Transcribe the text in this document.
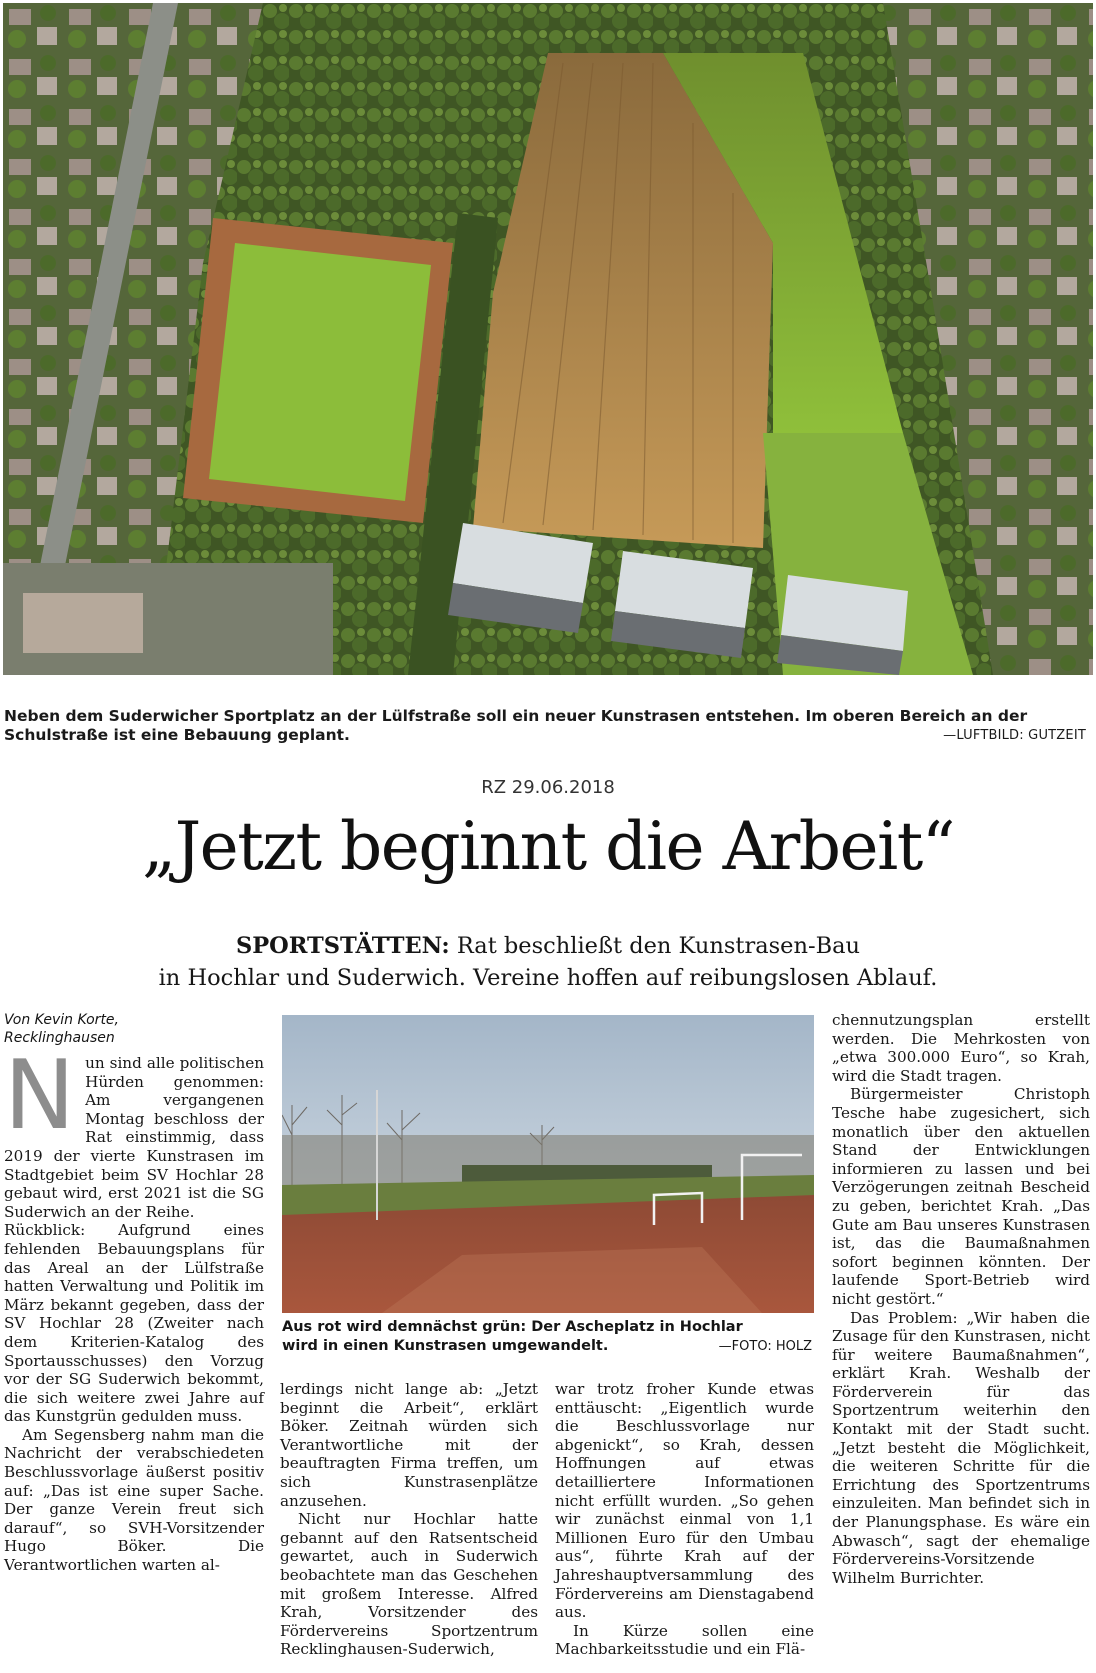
Neben dem Suderwicher Sportplatz an der Lülfstraße soll ein neuer Kunstrasen entstehen. Im oberen Bereich an der Schulstraße ist eine Bebauung geplant.	—LUFTBILD: GUTZEIT
RZ 29.06.2018
„Jetzt beginnt die Arbeit“
SPORTSTÄTTEN: Rat beschließt den Kunstrasen-Bau
in Hochlar und Suderwich. Vereine hoffen auf reibungslosen Ablauf.
Von Kevin Korte,
Recklinghausen
N un sind alle politischen Hürden genommen: Am vergangenen Montag beschloss der Rat einstimmig, dass 2019 der vierte Kunstrasen im Stadtgebiet beim SV Hochlar 28 gebaut wird, erst 2021 ist die SG Suderwich an der Reihe.

Rückblick: Aufgrund eines fehlenden Bebauungsplans für das Areal an der Lülfstraße hatten Verwaltung und Politik im März bekannt gegeben, dass der SV Hochlar 28 (Zweiter nach dem Kriterien-Katalog des Sportausschusses) den Vorzug vor der SG Suderwich bekommt, die sich weitere zwei Jahre auf das Kunstgrün gedulden muss.

Am Segensberg nahm man die Nachricht der verabschiedeten Beschlussvorlage äußerst positiv auf: „Das ist eine super Sache. Der ganze Verein freut sich darauf“, so SVH-Vorsitzender Hugo Böker. Die Verantwortlichen warten al-

Aus rot wird demnächst grün: Der Ascheplatz in Hochlar
wird in einen Kunstrasen umgewandelt.	—FOTO: HOLZ

lerdings nicht lange ab: „Jetzt beginnt die Arbeit“, erklärt Böker. Zeitnah würden sich Verantwortliche mit der beauftragten Firma treffen, um sich Kunstrasenplätze anzusehen.

Nicht nur Hochlar hatte gebannt auf den Ratsentscheid gewartet, auch in Suderwich beobachtete man das Geschehen mit großem Interesse. Alfred Krah, Vorsitzender des Fördervereins Sportzentrum Recklinghausen-Suderwich,

war trotz froher Kunde etwas enttäuscht: „Eigentlich wurde die Beschlussvorlage nur abgenickt“, so Krah, dessen Hoffnungen auf etwas detailliertere Informationen nicht erfüllt wurden. „So gehen wir zunächst einmal von 1,1 Millionen Euro für den Umbau aus“, führte Krah auf der Jahreshauptversammlung des Fördervereins am Dienstagabend aus.

In Kürze sollen eine Machbarkeitsstudie und ein Flä-

chennutzungsplan erstellt werden. Die Mehrkosten von „etwa 300.000 Euro“, so Krah, wird die Stadt tragen.

Bürgermeister Christoph Tesche habe zugesichert, sich monatlich über den aktuellen Stand der Entwicklungen informieren zu lassen und bei Verzögerungen zeitnah Bescheid zu geben, berichtet Krah. „Das Gute am Bau unseres Kunstrasen ist, das die Baumaßnahmen sofort beginnen könnten. Der laufende Sport-Betrieb wird nicht gestört.“

Das Problem: „Wir haben die Zusage für den Kunstrasen, nicht für weitere Baumaßnahmen“, erklärt Krah. Weshalb der Förderverein für das Sportzentrum weiterhin den Kontakt mit der Stadt sucht. „Jetzt besteht die Möglichkeit, die weiteren Schritte für die Errichtung des Sportzentrums einzuleiten. Man befindet sich in der Planungsphase. Es wäre ein Abwasch“, sagt der ehemalige Fördervereins-Vorsitzende Wilhelm Burrichter.
